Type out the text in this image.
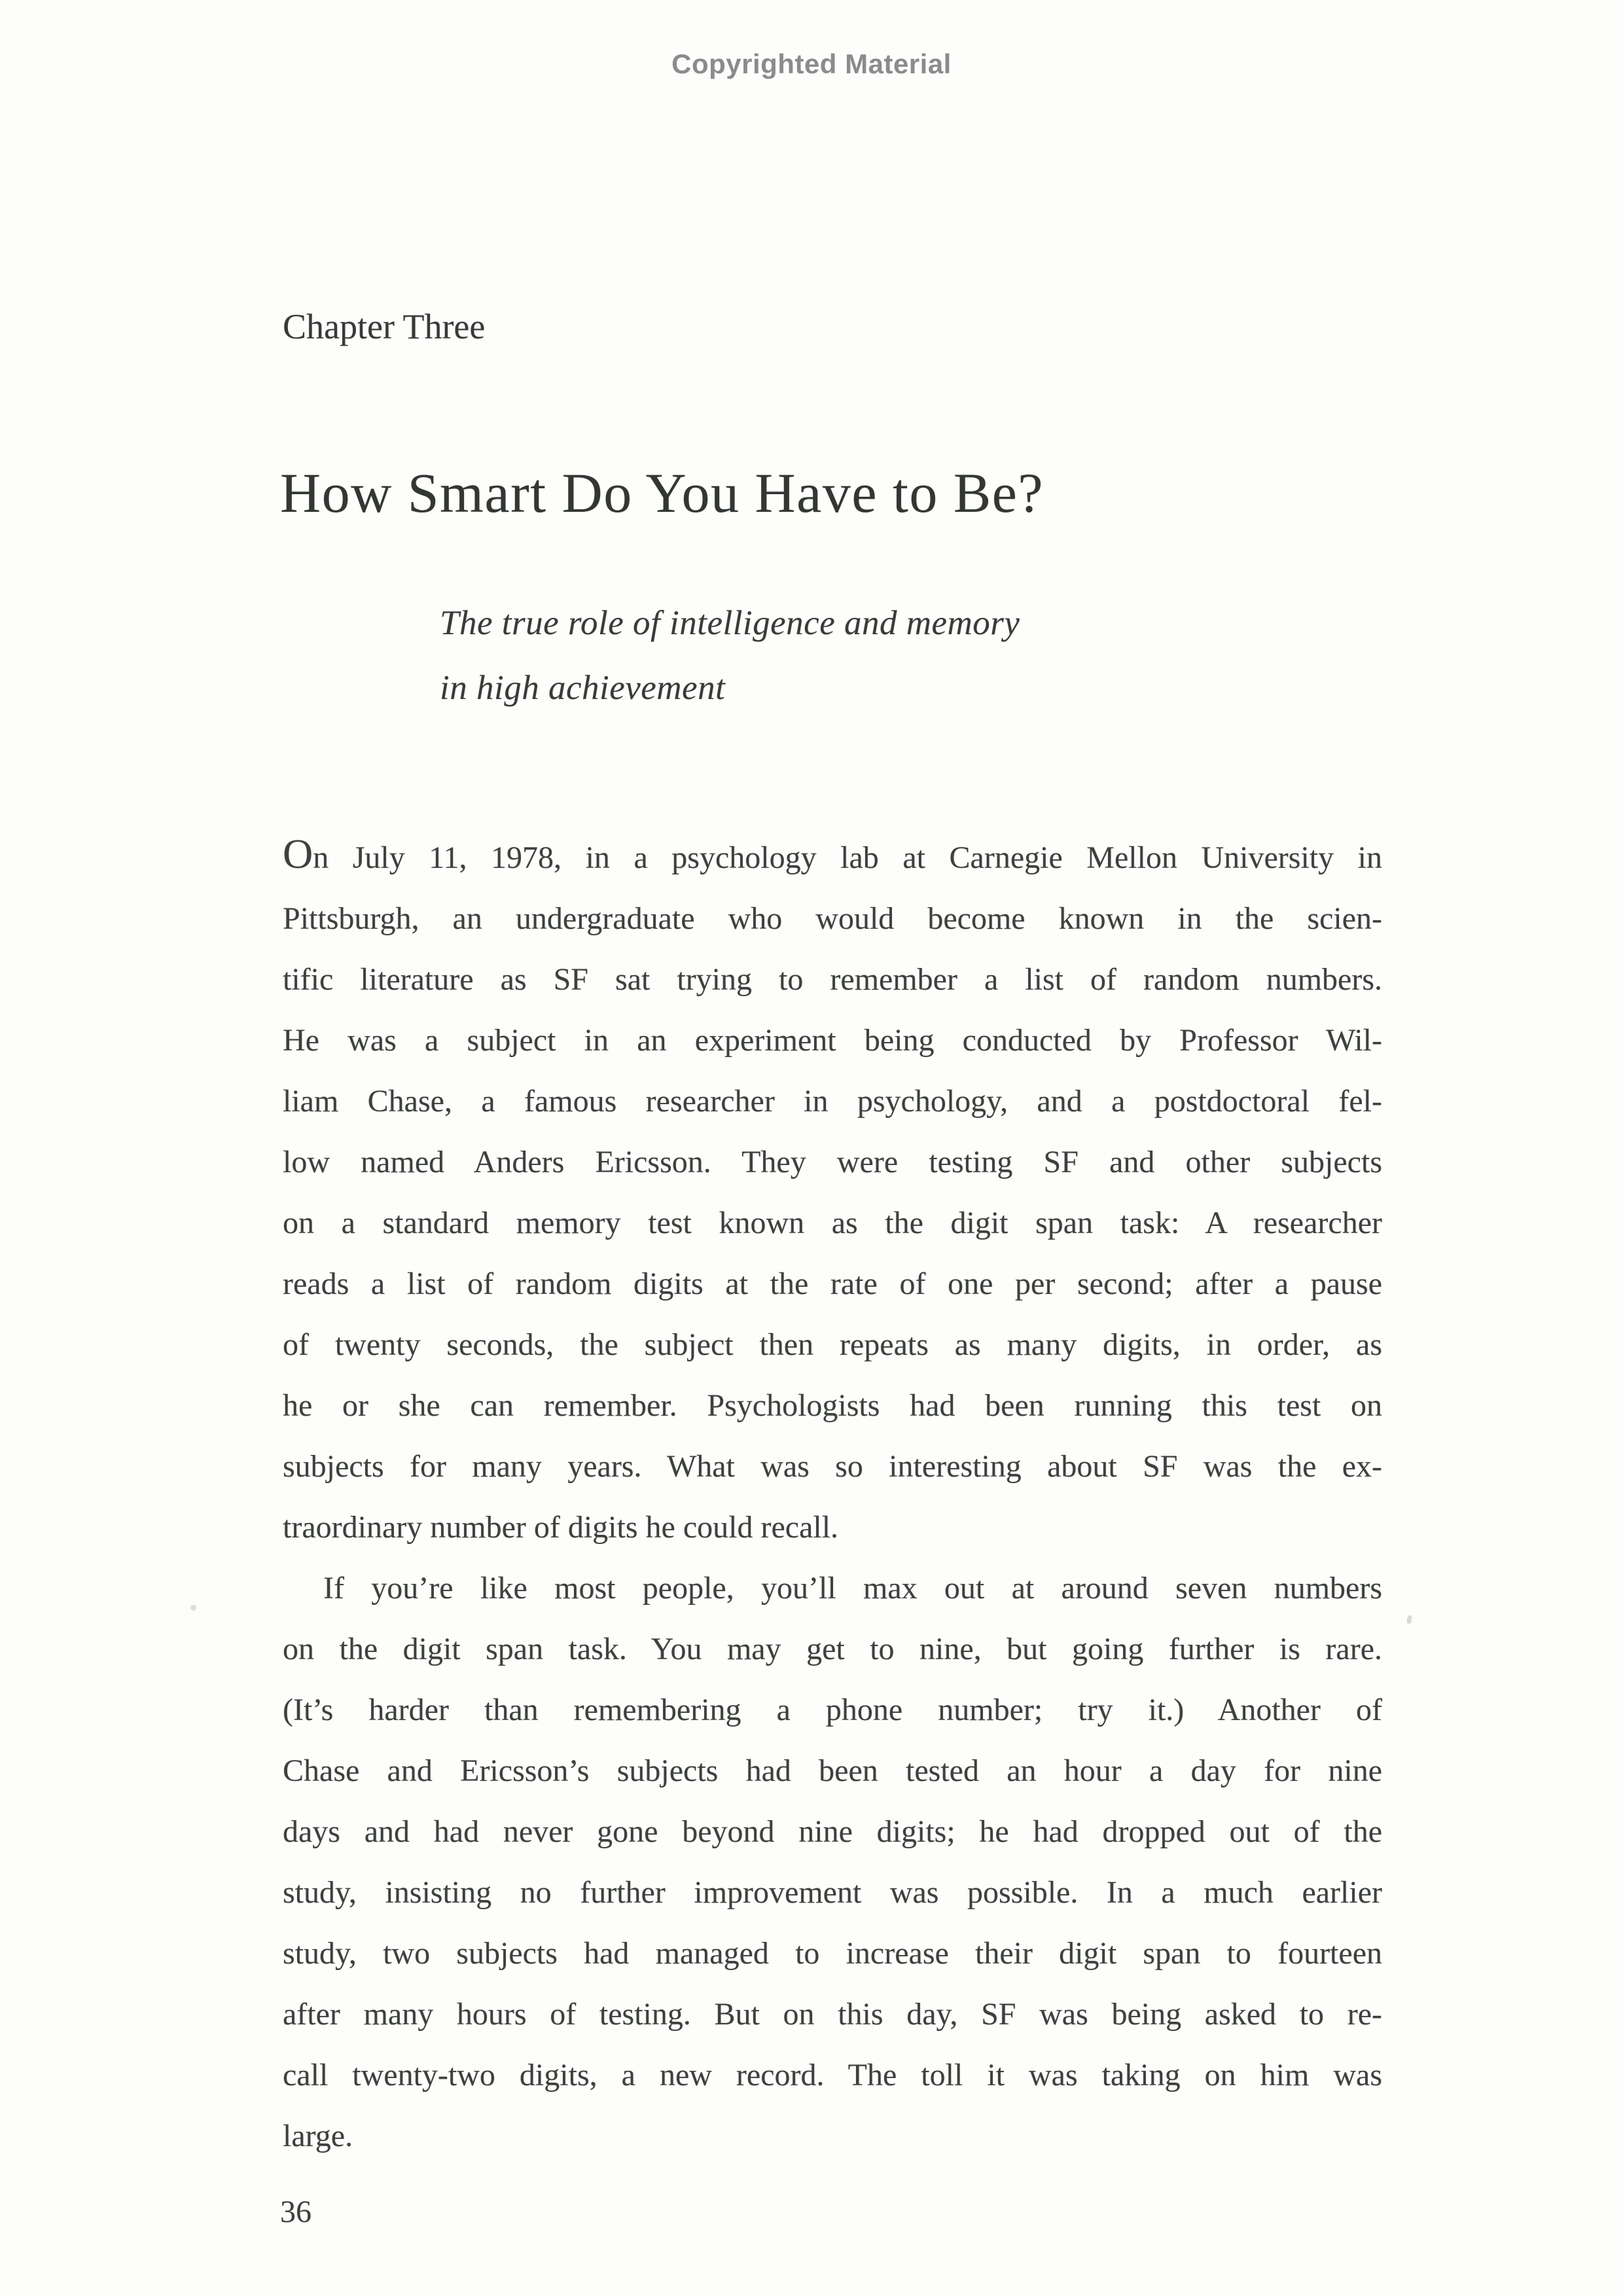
Copyrighted Material
Chapter Three
How Smart Do You Have to Be?
The true role of intelligence and memory
in high achievement
On July 11, 1978, in a psychology lab at Carnegie Mellon University in
Pittsburgh, an undergraduate who would become known in the scien-
tific literature as SF sat trying to remember a list of random numbers.
He was a subject in an experiment being conducted by Professor Wil-
liam Chase, a famous researcher in psychology, and a postdoctoral fel-
low named Anders Ericsson. They were testing SF and other subjects
on a standard memory test known as the digit span task: A researcher
reads a list of random digits at the rate of one per second; after a pause
of twenty seconds, the subject then repeats as many digits, in order, as
he or she can remember. Psychologists had been running this test on
subjects for many years. What was so interesting about SF was the ex-
traordinary number of digits he could recall.
If you’re like most people, you’ll max out at around seven numbers
on the digit span task. You may get to nine, but going further is rare.
(It’s harder than remembering a phone number; try it.) Another of
Chase and Ericsson’s subjects had been tested an hour a day for nine
days and had never gone beyond nine digits; he had dropped out of the
study, insisting no further improvement was possible. In a much earlier
study, two subjects had managed to increase their digit span to fourteen
after many hours of testing. But on this day, SF was being asked to re-
call twenty-two digits, a new record. The toll it was taking on him was
large.
36
